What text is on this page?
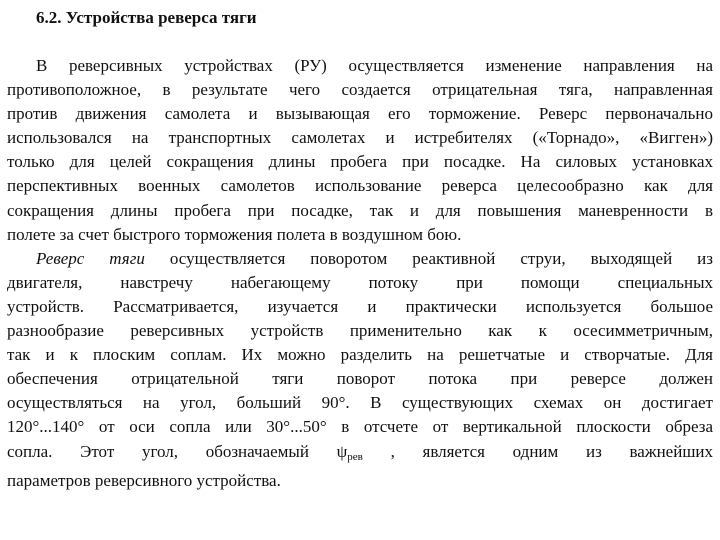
6.2. Устройства реверса тяги
В реверсивных устройствах (РУ) осуществляется изменение направления на
противоположное, в результате чего создается отрицательная тяга, направленная
против движения самолета и вызывающая его торможение. Реверс первоначально
использовался на транспортных самолетах и истребителях («Торнадо», «Вигген»)
только для целей сокращения длины пробега при посадке. На силовых установках
перспективных военных самолетов использование реверса целесообразно как для
сокращения длины пробега при посадке, так и для повышения маневренности в
полете за счет быстрого торможения полета в воздушном бою.
Реверс тяги осуществляется поворотом реактивной струи, выходящей из
двигателя, навстречу набегающему потоку при помощи специальных
устройств. Рассматривается, изучается и практически используется большое
разнообразие реверсивных устройств применительно как к осесимметричным,
так и к плоским соплам. Их можно разделить на решетчатые и створчатые. Для
обеспечения отрицательной тяги поворот потока при реверсе должен
осуществляться на угол, больший 90°. В существующих схемах он достигает
120°...140° от оси сопла или 30°...50° в отсчете от вертикальной плоскости обреза
сопла. Этот угол, обозначаемый $\psi_{рев}$ , является одним из важнейших
параметров реверсивного устройства.
